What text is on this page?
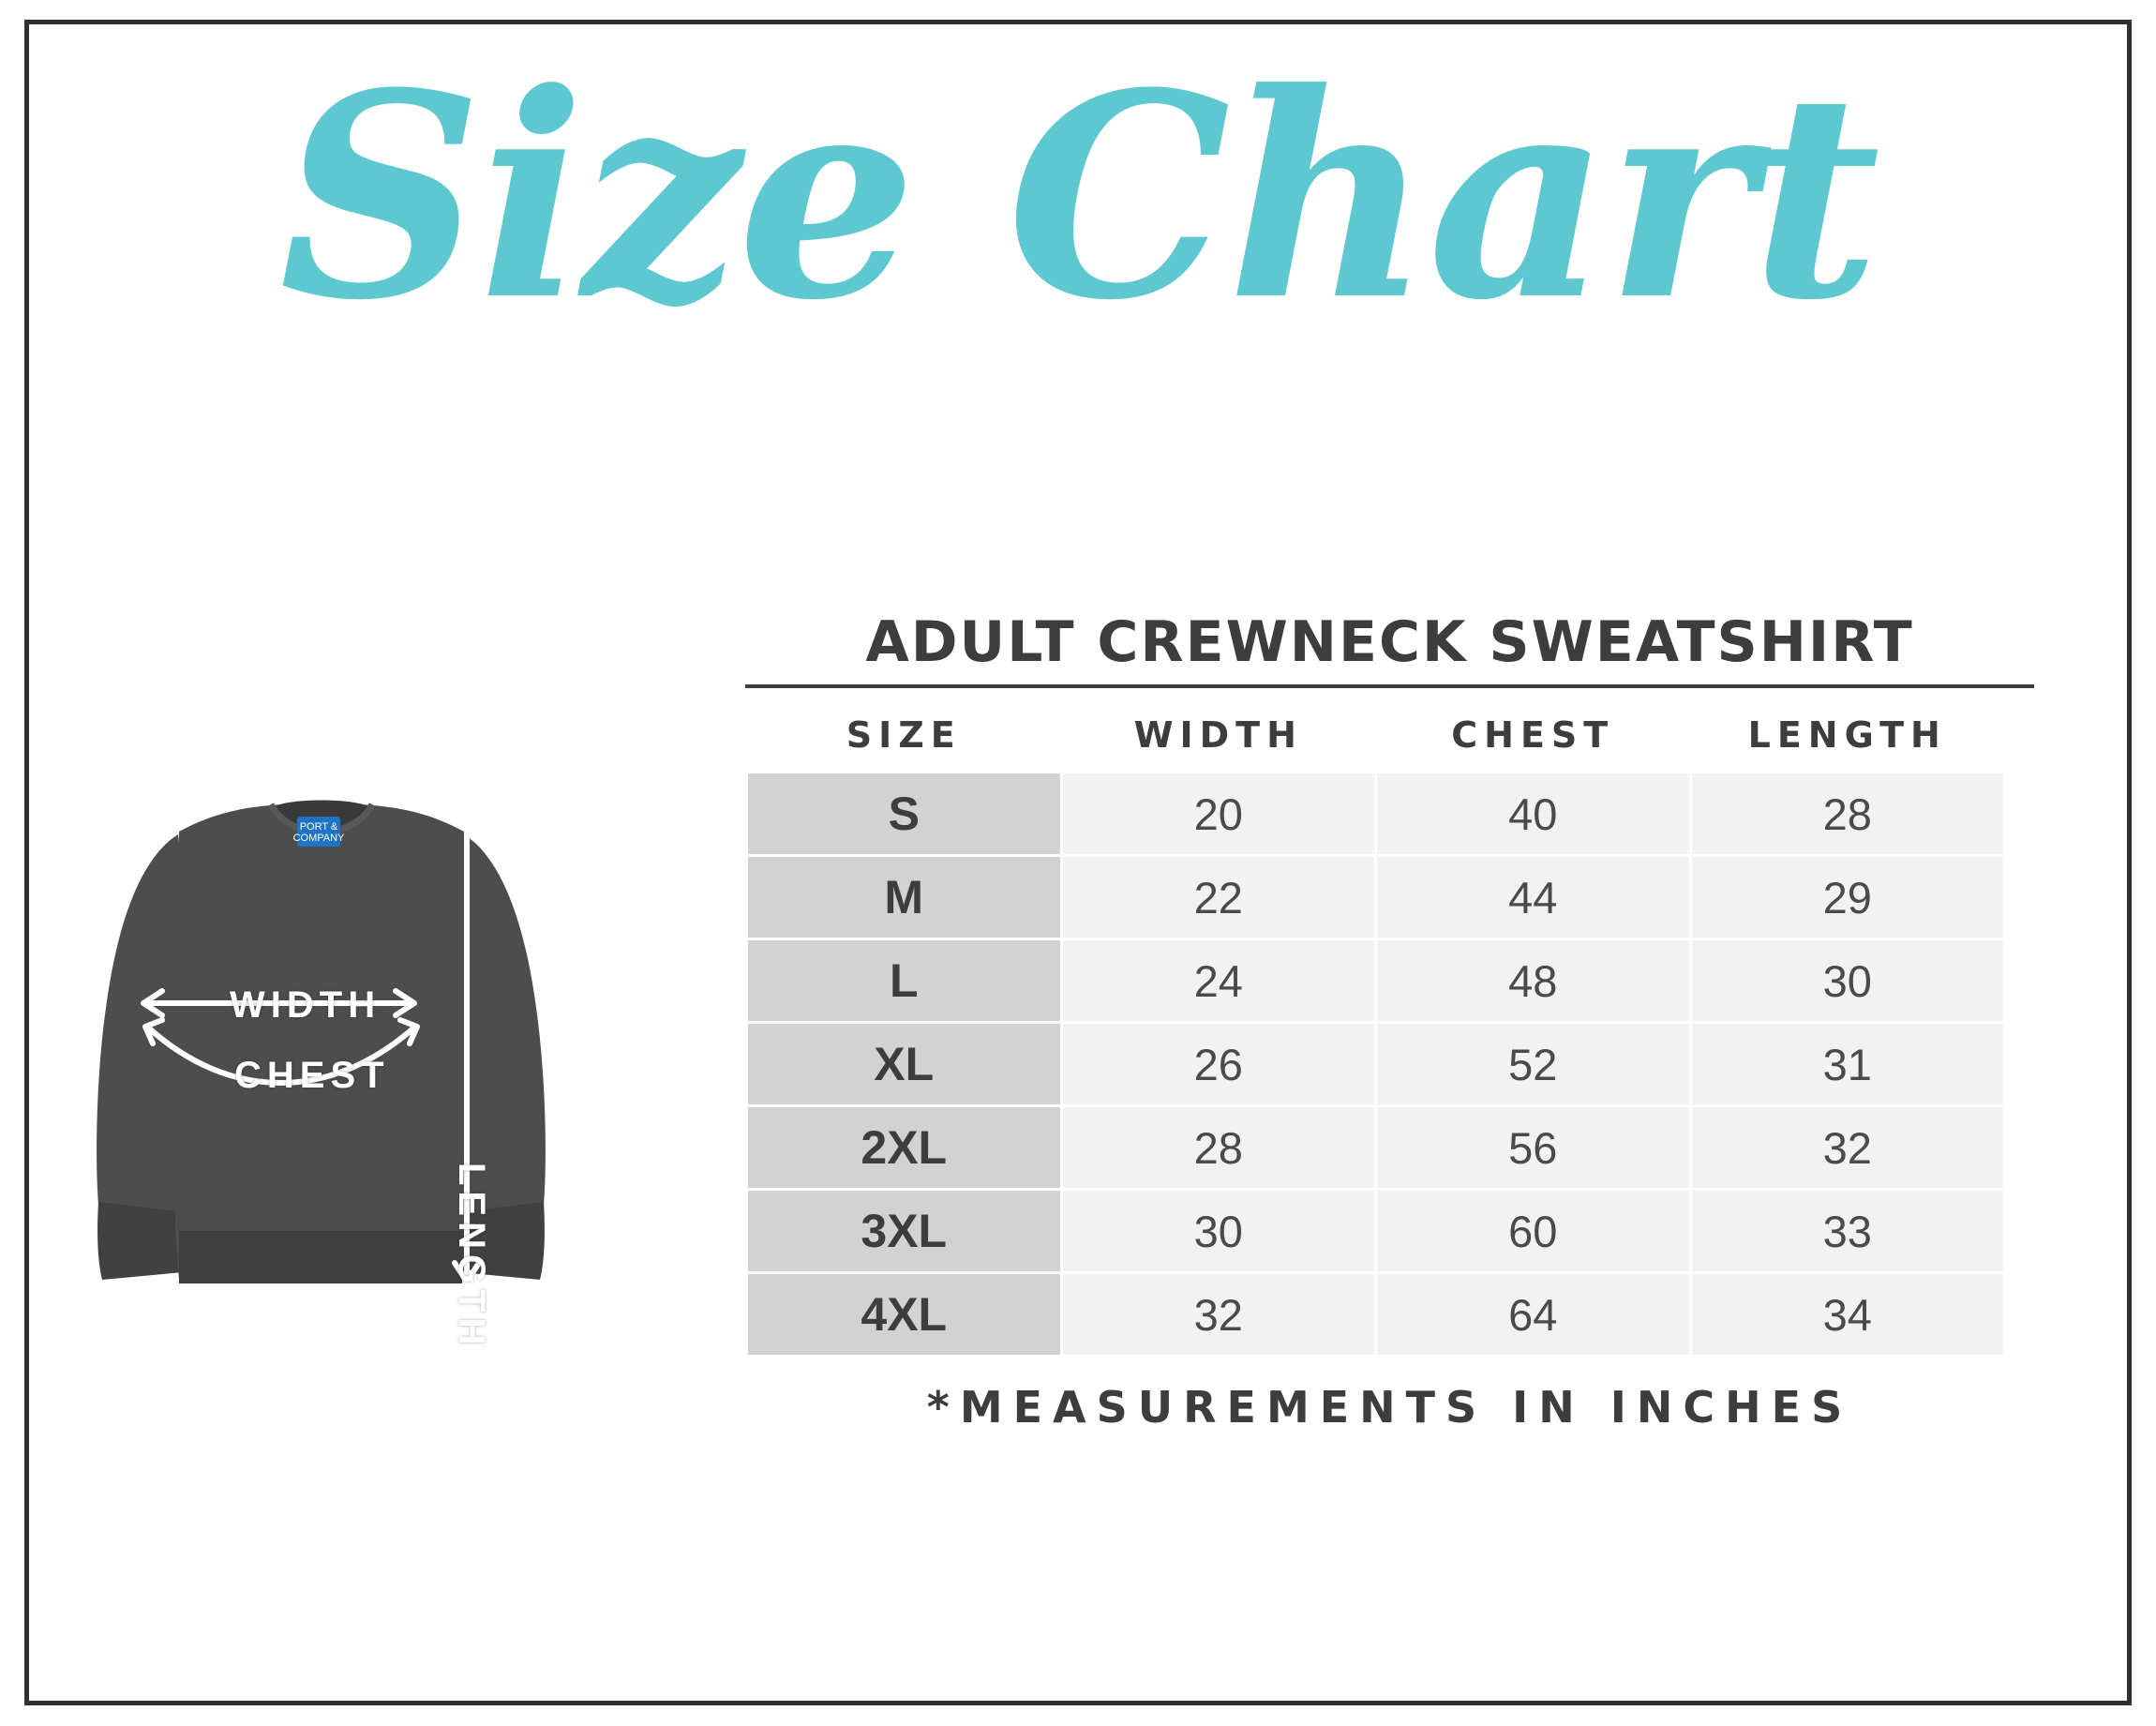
Size Chart
PORT &
COMPANY
WIDTH
CHEST
LENGTH
ADULT CREWNECK SWEATSHIRT
SIZE	WIDTH	CHEST	LENGTH
S	20	40	28
M	22	44	29
L	24	48	30
XL	26	52	31
2XL	28	56	32
3XL	30	60	33
4XL	32	64	34
*MEASUREMENTS IN INCHES
